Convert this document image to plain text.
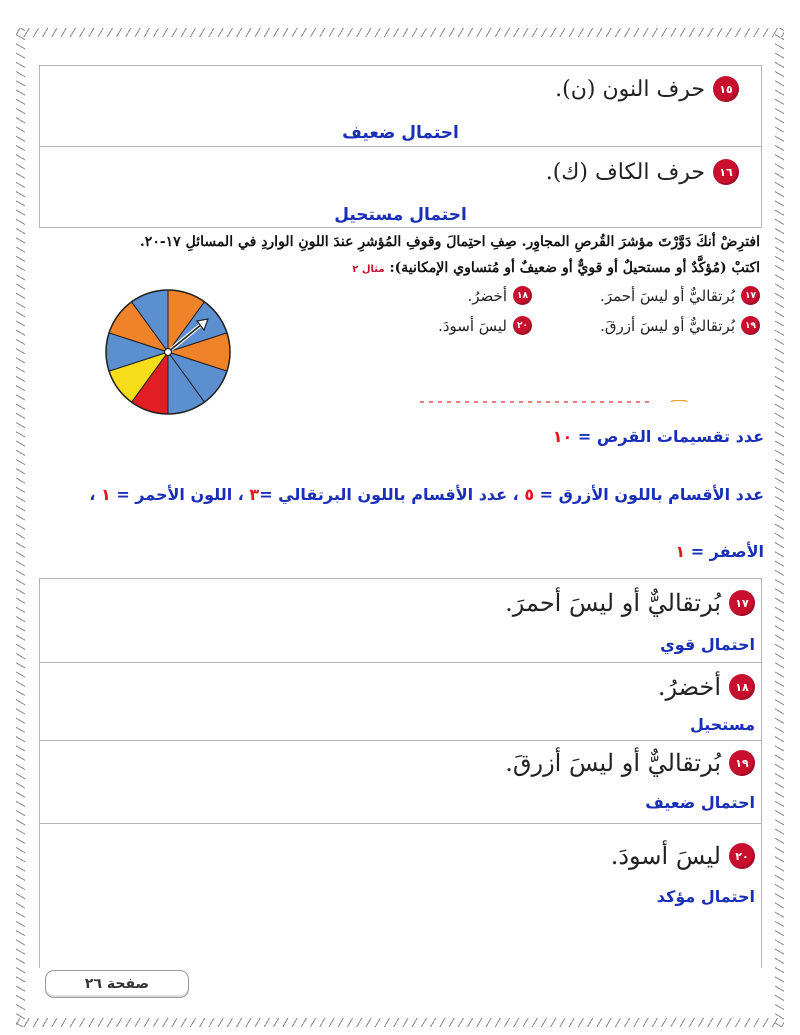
١٥
حرف النون (ن).
احتمال ضعيف
١٦
حرف الكاف (ك).
احتمال مستحيل
افترِضْ أنكَ دَوَّرْتَ مؤشرَ القُرصِ المجاوِر. صِفِ احتِمالَ وقوفِ المُؤشرِ عندَ اللونِ الواردِ في المسائلِ ١٧-٢٠.
اكتبْ (مُؤكَّدٌ أو مستحيلٌ أو قويٌّ أو ضعيفٌ أو مُتساوي الإمكانية): مثال ٢
١٧
بُرتقاليٌّ أو ليسَ أحمرَ.
١٨
أخضرُ.
١٩
بُرتقاليٌّ أو ليسَ أزرقَ.
٢٠
ليسَ أسودَ.
عدد تقسيمات القرص = ١٠
عدد الأقسام باللون الأزرق = ٥ ، عدد الأقسام باللون البرتقالي =٣ ، اللون الأحمر = ١ ،
الأصفر = ١
١٧
بُرتقاليٌّ أو ليسَ أحمرَ.
احتمال قوي
١٨
أخضرُ.
مستحيل
١٩
بُرتقاليٌّ أو ليسَ أزرقَ.
احتمال ضعيف
٢٠
ليسَ أسودَ.
احتمال مؤكد
صفحة ٢٦
